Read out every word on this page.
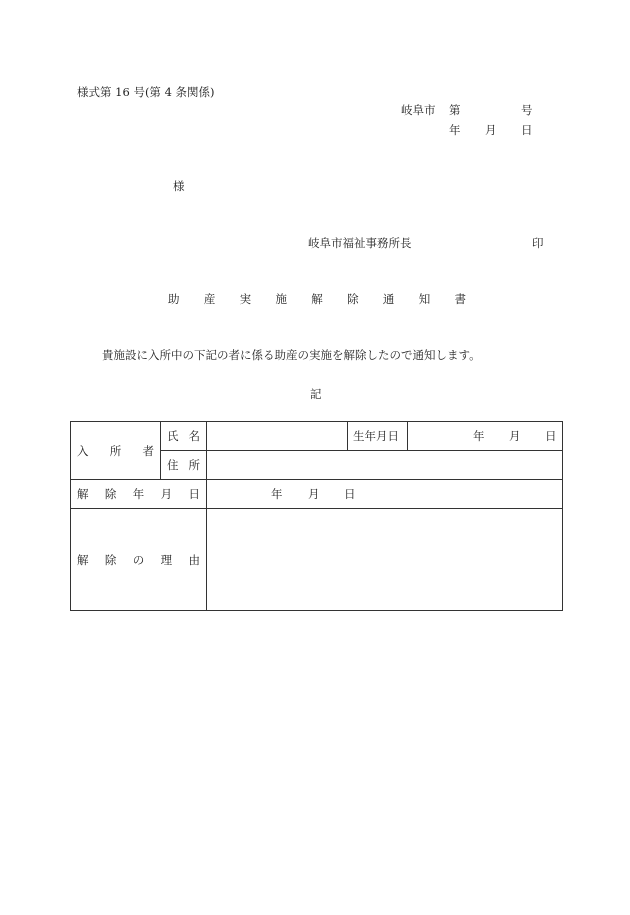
様式第 16 号(第 4 条関係)
岐阜市 第	号
年 月 日
様
岐阜市福祉事務所長	印
助 産 実 施 解 除 通 知 書
貴施設に入所中の下記の者に係る助産の実施を解除したので通知します。
記
入 所 者	氏 名		生年月日	年 月 日

	住 所			

解 除 年 月 日		年 月 日		

解 除 の 理 由				
